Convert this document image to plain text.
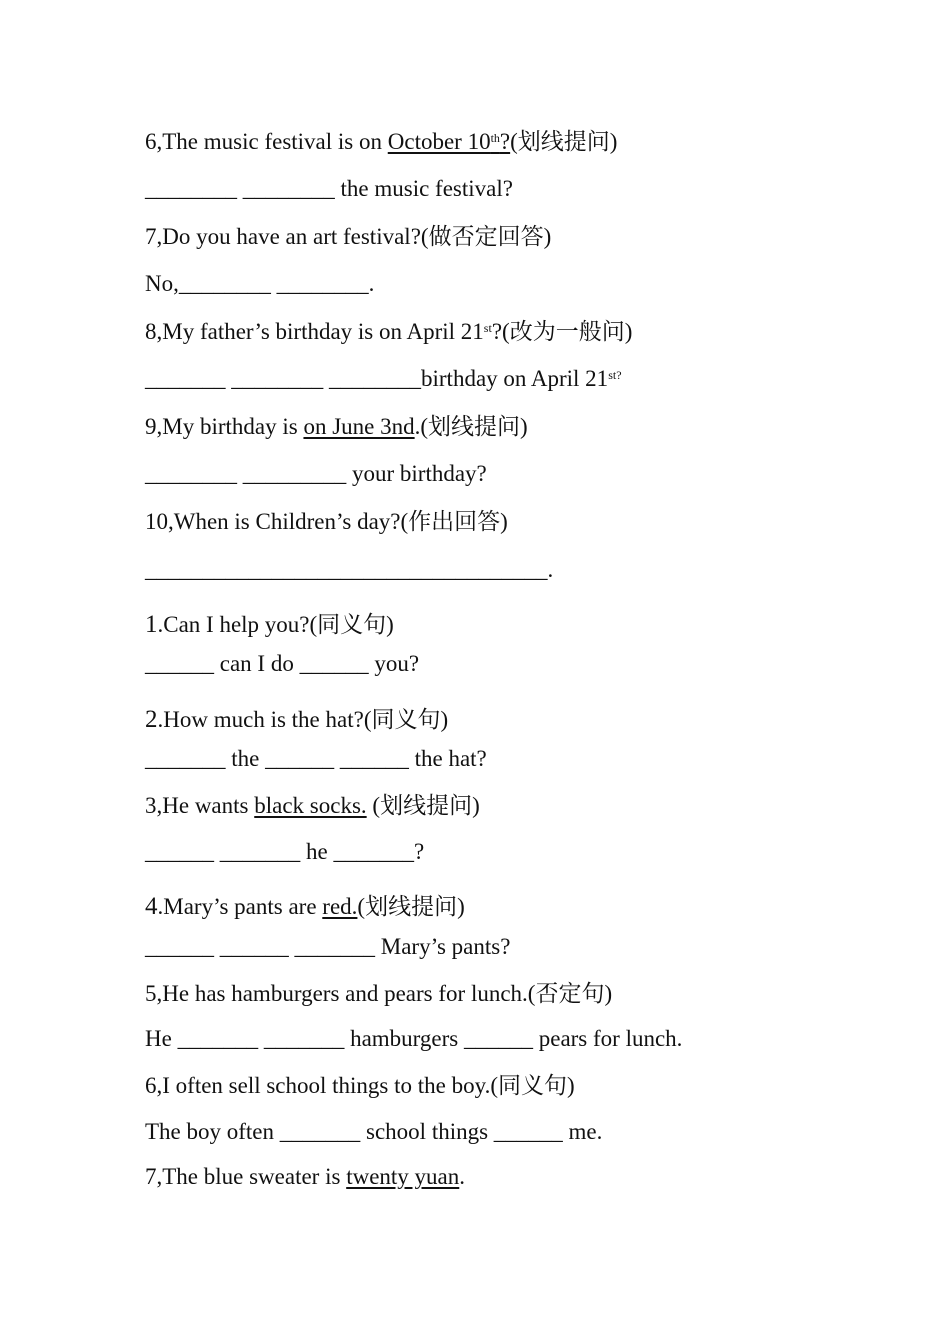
6,The music festival is on October 10th?(划线提问)
________ ________ the music festival?
7,Do you have an art festival?(做否定回答)
No,________ ________.
8,My father’s birthday is on April 21st?(改为一般问)
_______ ________ ________birthday on April $21^{st?}$
9,My birthday is on June 3nd.(划线提问)
________ _________ your birthday?
10,When is Children’s day?(作出回答)
___________________________________.
1.Can I help you?(同义句)
______ can I do ______ you?
2.How much is the hat?(同义句)
_______ the ______ ______ the hat?
3,He wants black socks. (划线提问)
______ _______ he _______?
4.Mary’s pants are red.(划线提问)
______ ______ _______ Mary’s pants?
5,He has hamburgers and pears for lunch.(否定句)
He _______ _______ hamburgers ______ pears for lunch.
6,I often sell school things to the boy.(同义句)
The boy often _______ school things ______ me.
7,The blue sweater is twenty yuan.
